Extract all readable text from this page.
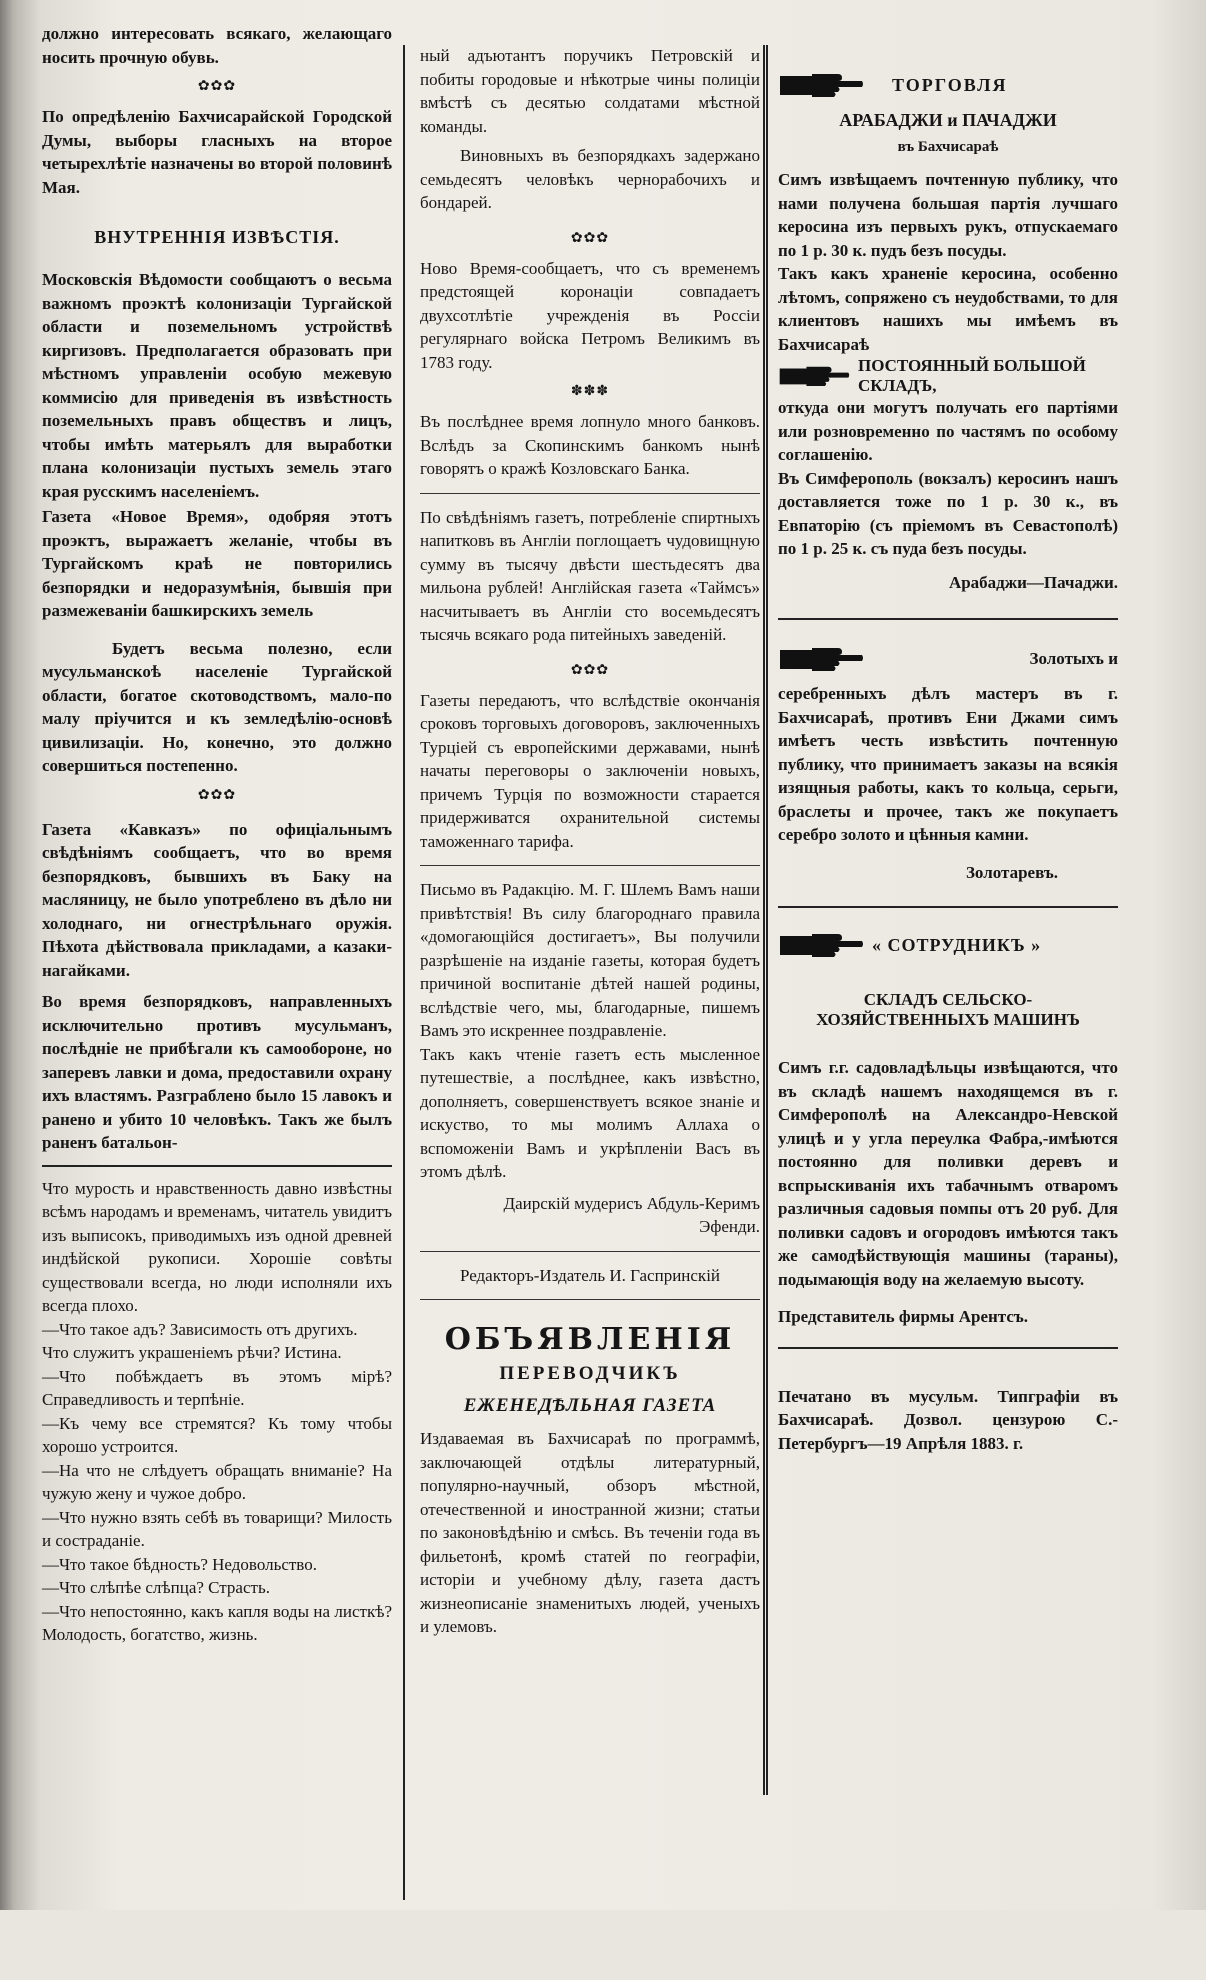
должно интересовать всякаго, желающаго носить прочную обувь.

✿✿✿

По опредѣленію Бахчисарайской Городской Думы, выборы гласныхъ на второе четырехлѣтіе назначены во второй половинѣ Мая.

ВНУТРЕННІЯ ИЗВѢСТІЯ.

Московскія Вѣдомости сообщаютъ о весьма важномъ проэктѣ колонизаціи Тургайской области и поземельномъ устройствѣ киргизовъ. Предполагается образовать при мѣстномъ управленіи особую межевую коммисію для приведенія въ извѣстность поземельныхъ правъ обществъ и лицъ, чтобы имѣть матерьялъ для выработки плана колонизаціи пустыхъ земель этаго края русскимъ населеніемъ.

Газета «Новое Время», одобряя этотъ проэктъ, выражаетъ желаніе, чтобы въ Тургайскомъ краѣ не повторились безпорядки и недоразумѣнія, бывшія при размежеваніи башкирскихъ земель

Будетъ весьма полезно, если мусульманскоѣ населеніе Тургайской области, богатое скотоводствомъ, мало-по малу пріучится и къ земледѣлію-основѣ цивилизаціи. Но, конечно, это должно совершиться постепенно.

✿✿✿

Газета «Кавказъ» по офиціальнымъ свѣдѣніямъ сообщаетъ, что во время безпорядковъ, бывшихъ въ Баку на масляницу, не было употреблено въ дѣло ни холоднаго, ни огнестрѣльнаго оружія. Пѣхота дѣйствовала прикладами, а казаки-нагайками.

Во время безпорядковъ, направленныхъ исключительно противъ мусульманъ, послѣдніе не прибѣгали къ самообороне, но заперевъ лавки и дома, предоставили охрану ихъ властямъ. Разграблено было 15 лавокъ и ранено и убито 10 человѣкъ. Такъ же былъ раненъ батальон-

Что мурость и нравственность давно извѣстны всѣмъ народамъ и временамъ, читатель увидитъ изъ выписокъ, приводимыхъ изъ одной древней индѣйской рукописи. Хорошіе совѣты существовали всегда, но люди исполняли ихъ всегда плохо.

—Что такое адъ? Зависимость отъ другихъ.

Что служитъ украшеніемъ рѣчи? Истина.

—Что побѣждаетъ въ этомъ мірѣ? Справедливость и терпѣніе.

—Къ чему все стремятся? Къ тому чтобы хорошо устроится.

—На что не слѣдуетъ обращать вниманіе? На чужую жену и чужое добро.

—Что нужно взять себѣ въ товарищи? Милость и состраданіе.

—Что такое бѣдность? Недовольство.

—Что слѣпѣе слѣпца? Страсть.

—Что непостоянно, какъ капля воды на листкѣ? Молодость, богатство, жизнь.

ный адъютантъ поручикъ Петровскій и побиты городовые и нѣкотрые чины полиціи вмѣстѣ съ десятью солдатами мѣстной команды.

Виновныхъ въ безпорядкахъ задержано семьдесятъ человѣкъ чернорабочихъ и бондарей.

✿✿✿

Ново Время-сообщаетъ, что съ временемъ предстоящей коронаціи совпадаетъ двухсотлѣтіе учрежденія въ Россіи регулярнаго войска Петромъ Великимъ въ 1783 году.

✽✽✽

Въ послѣднее время лопнуло много банковъ. Вслѣдъ за Скопинскимъ банкомъ нынѣ говорятъ о кражѣ Козловскаго Банка.

По свѣдѣніямъ газетъ, потребленіе спиртныхъ напитковъ въ Англіи поглощаетъ чудовищную сумму въ тысячу двѣсти шестьдесятъ два мильона рублей! Англійская газета «Таймсъ» насчитываетъ въ Англіи сто восемьдесятъ тысячь всякаго рода питейныхъ заведеній.

✿✿✿

Газеты передаютъ, что вслѣдствіе окончанія сроковъ торговыхъ договоровъ, заключенныхъ Турціей съ европейскими державами, нынѣ начаты переговоры о заключеніи новыхъ, причемъ Турція по возможности старается придерживатся охранительной системы таможеннаго тарифа.

Письмо въ Радакцію. М. Г. Шлемъ Вамъ наши привѣтствія! Въ силу благороднаго правила «домогающійся достигаетъ», Вы получили разрѣшеніе на изданіе газеты, которая будетъ причиной воспитаніе дѣтей нашей родины, вслѣдствіе чего, мы, благодарные, пишемъ Вамъ это искреннее поздравленіе.

Такъ какъ чтеніе газетъ есть мысленное путешествіе, а послѣднее, какъ извѣстно, дополняетъ, совершенствуетъ всякое знаніе и искуство, то мы молимъ Аллаха о вспоможеніи Вамъ и укрѣпленіи Васъ въ этомъ дѣлѣ.

Даирскій мудерисъ Абдуль-Керимъ Эфенди.

Редакторъ-Издатель И. Гаспринскій

ОБЪЯВЛЕНІЯ
ПЕРЕВОДЧИКЪ
ЕЖЕНЕДѢЛЬНАЯ ГАЗЕТА

Издаваемая въ Бахчисараѣ по программѣ, заключающей отдѣлы литературный, популярно-научный, обзоръ мѣстной, отечественной и иностранной жизни; статьи по законовѣдѣнію и смѣсь. Въ теченіи года въ фильетонѣ, кромѣ статей по географіи, исторіи и учебному дѣлу, газета дастъ жизнеописаніе знаменитыхъ людей, ученыхъ и улемовъ.

ТОРГОВЛЯ
АРАБАДЖИ и ПАЧАДЖИ
въ Бахчисараѣ

Симъ извѣщаемъ почтенную публику, что нами получена большая партія лучшаго керосина изъ первыхъ рукъ, отпускаемаго по 1 р. 30 к. пудъ безъ посуды.

Такъ какъ храненіе керосина, особенно лѣтомъ, сопряжено съ неудобствами, то для клиентовъ нашихъ мы имѣемъ въ Бахчисараѣ

ПОСТОЯННЫЙ БОЛЬШОЙ СКЛАДЪ,

откуда они могутъ получать его партіями или розновременно по частямъ по особому соглашенію.

Въ Симферополь (вокзалъ) керосинъ нашъ доставляется тоже по 1 р. 30 к., въ Евпаторію (съ пріемомъ въ Севастополѣ) по 1 р. 25 к. съ пуда безъ посуды.

Арабаджи—Пачаджи.

Золотыхъ и

серебренныхъ дѣлъ мастеръ въ г. Бахчисараѣ, противъ Ени Джами симъ имѣетъ честь извѣстить почтенную публику, что принимаетъ заказы на всякія изящныя работы, какъ то кольца, серьги, браслеты и прочее, такъ же покупаетъ серебро золото и цѣнныя камни.

Золотаревъ.

« СОТРУДНИКЪ »
СКЛАДЪ СЕЛЬСКО-ХОЗЯЙСТВЕННЫХЪ МАШИНЪ

Симъ г.г. садовладѣльцы извѣщаются, что въ складѣ нашемъ находящемся въ г. Симферополѣ на Александро-Невской улицѣ и у угла переулка Фабра,-имѣются постоянно для поливки деревъ и вспрыскиванія ихъ табачнымъ отваромъ различныя садовыя помпы отъ 20 руб. Для поливки садовъ и огородовъ имѣются такъ же самодѣйствующія машины (тараны), подымающія воду на желаемую высоту.

Представитель фирмы Арентсъ.

Печатано въ мусульм. Типграфіи въ Бахчисараѣ. Дозвол. цензурою С.-Петербургъ—19 Апрѣля 1883. г.
